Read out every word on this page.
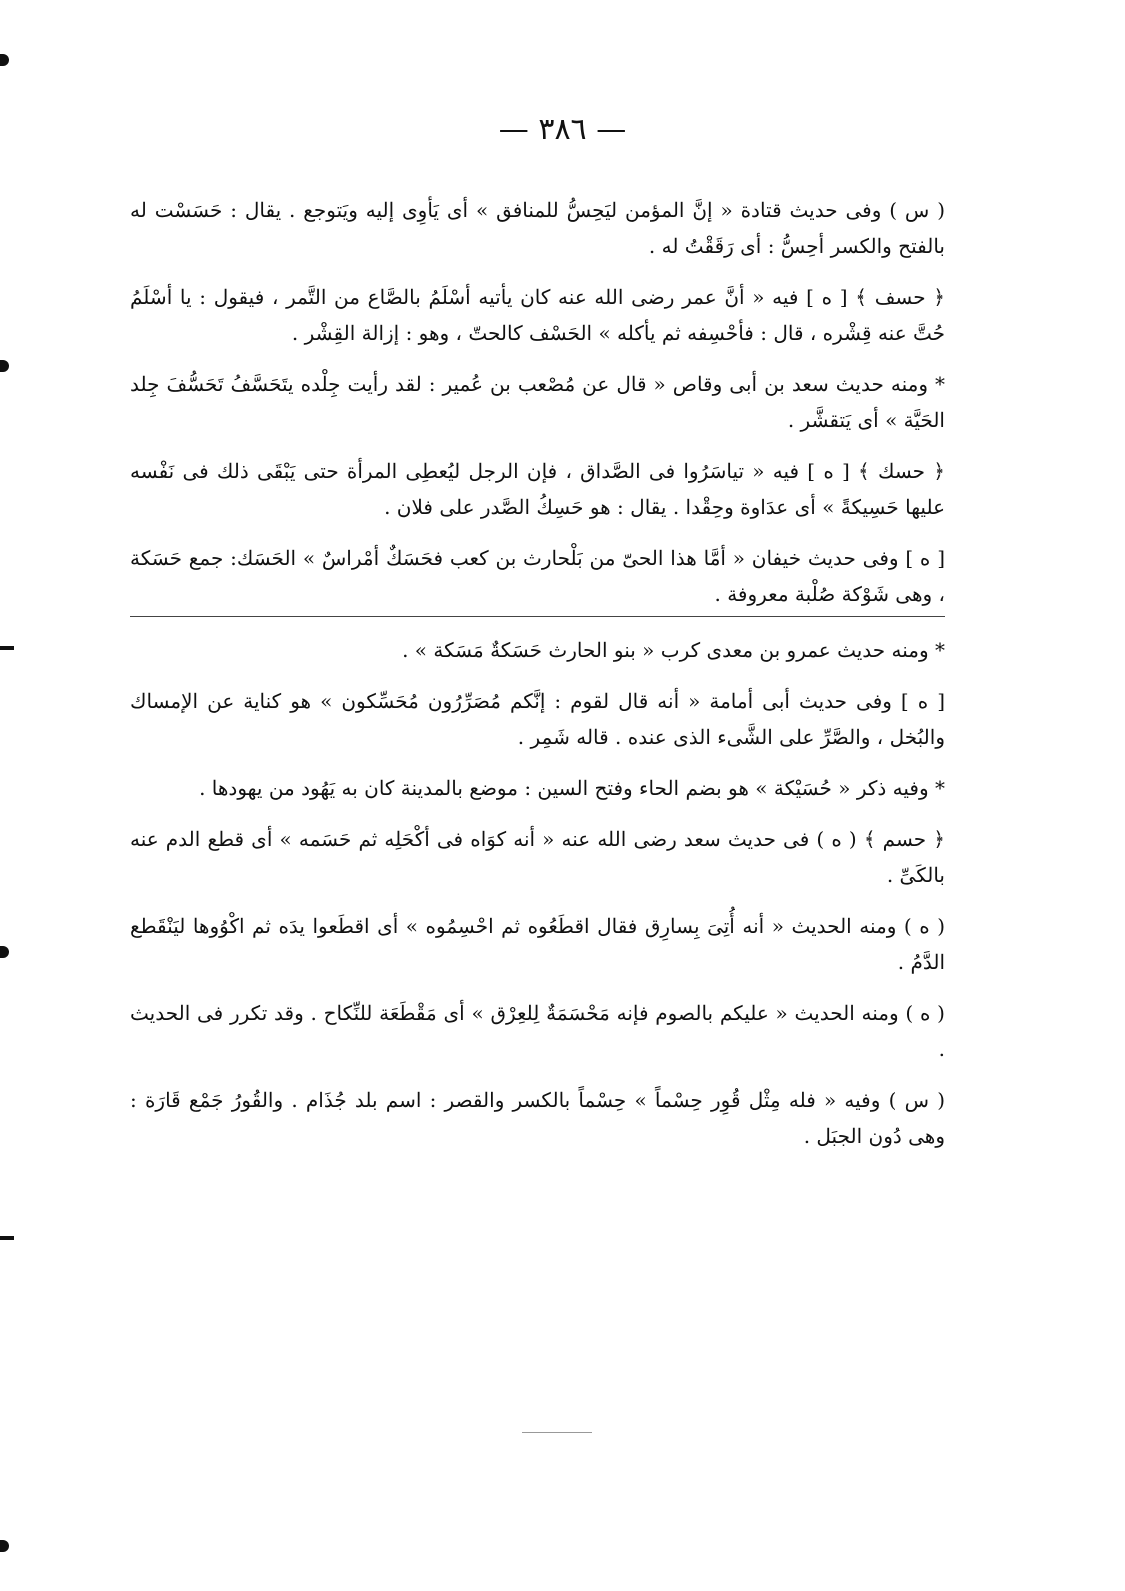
— ٣٨٦ —

( س ) وفى حديث قتادة « إنَّ المؤمن ليَحِسُّ للمنافق » أى يَأوِى إليه ويَتوجع . يقال : حَسَسْت له بالفتح والكسر أحِسُّ : أى رَقَقْتُ له .

﴿ حسف ﴾ [ ه ] فيه « أنَّ عمر رضى الله عنه كان يأتيه أسْلَمُ بالصَّاع من التَّمر ، فيقول : يا أسْلَمُ حُتَّ عنه قِشْره ، قال : فأحْسِفه ثم يأكله » الحَسْف كالحتّ ، وهو : إزالة القِشْر .

* ومنه حديث سعد بن أبى وقاص « قال عن مُصْعب بن عُمير : لقد رأيت جِلْده يتَحَسَّفُ تَحَسُّفَ جِلد الحَيَّة » أى يَتقشَّر .

﴿ حسك ﴾ [ ه ] فيه « تياسَرُوا فى الصَّداق ، فإن الرجل ليُعطِى المرأة حتى يَبْقَى ذلك فى نَفْسه عليها حَسِيكةً » أى عدَاوة وحِقْدا . يقال : هو حَسِكُ الصَّدر على فلان .

[ ه ] وفى حديث خيفان « أمَّا هذا الحىّ من بَلْحارث بن كعب فحَسَكٌ أمْراسٌ » الحَسَك: جمع حَسَكة ، وهى شَوْكة صُلْبة معروفة .

* ومنه حديث عمرو بن معدى كرب « بنو الحارث حَسَكةٌ مَسَكة » .

[ ه ] وفى حديث أبى أمامة « أنه قال لقوم : إنَّكم مُصَرِّرُون مُحَسِّكون » هو كناية عن الإمساك والبُخل ، والصَّرِّ على الشَّىء الذى عنده . قاله شَمِر .

* وفيه ذكر « حُسَيْكة » هو بضم الحاء وفتح السين : موضع بالمدينة كان به يَهُود من يهودها .

﴿ حسم ﴾ ( ه ) فى حديث سعد رضى الله عنه « أنه كوَاه فى أكْحَلِه ثم حَسَمه » أى قطع الدم عنه بالكَىِّ .

( ه ) ومنه الحديث « أنه أُتِىَ بِسارِق فقال اقطَعُوه ثم احْسِمُوه » أى اقطَعوا يدَه ثم اكْوُوها ليَنْقَطع الدَّمُ .

( ه ) ومنه الحديث « عليكم بالصوم فإنه مَحْسَمَةٌ لِلعِرْق » أى مَقْطَعَة للنِّكاح . وقد تكرر فى الحديث .

( س ) وفيه « فله مِثْل قُوِر حِسْماً » حِسْماً بالكسر والقصر : اسم بلد جُذَام . والقُورُ جَمْع قَارَة : وهى دُون الجبَل .
